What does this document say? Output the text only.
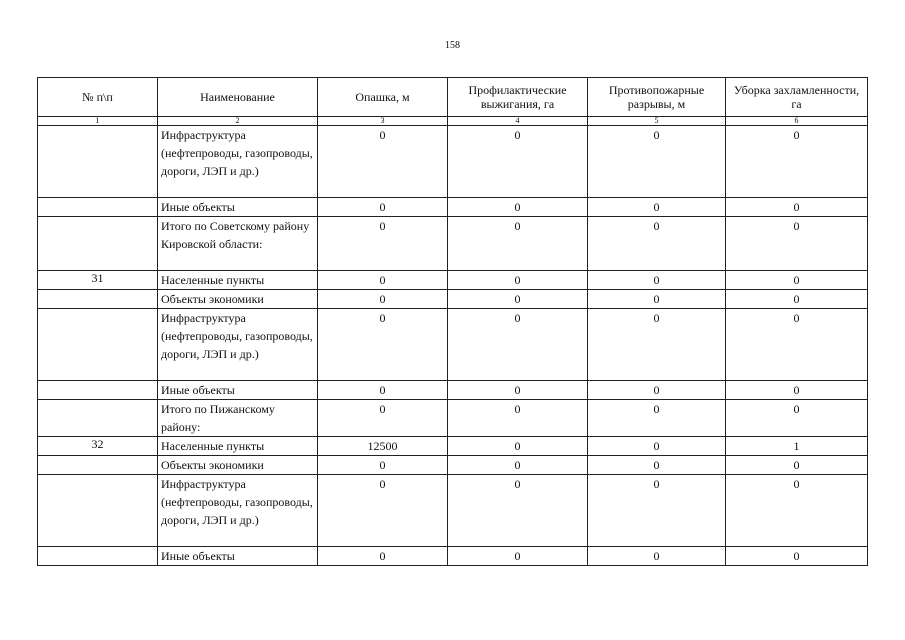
158
№ п\п	Наименование	Опашка, м	Профилактические выжигания, га	Противопожарные разрывы, м	Уборка захламленности, га
1	2	3	4	5	6
	Инфраструктура (нефтепроводы, газопроводы, дороги, ЛЭП и др.)	0	0	0	0
	Иные объекты	0	0	0	0
	Итого по Советскому району Кировской области:	0	0	0	0
31	Населенные пункты	0	0	0	0
	Объекты экономики	0	0	0	0
	Инфраструктура (нефтепроводы, газопроводы, дороги, ЛЭП и др.)	0	0	0	0
	Иные объекты	0	0	0	0
	Итого по Пижанскому району:	0	0	0	0
32	Населенные пункты	12500	0	0	1
	Объекты экономики	0	0	0	0
	Инфраструктура (нефтепроводы, газопроводы, дороги, ЛЭП и др.)	0	0	0	0
	Иные объекты	0	0	0	0
